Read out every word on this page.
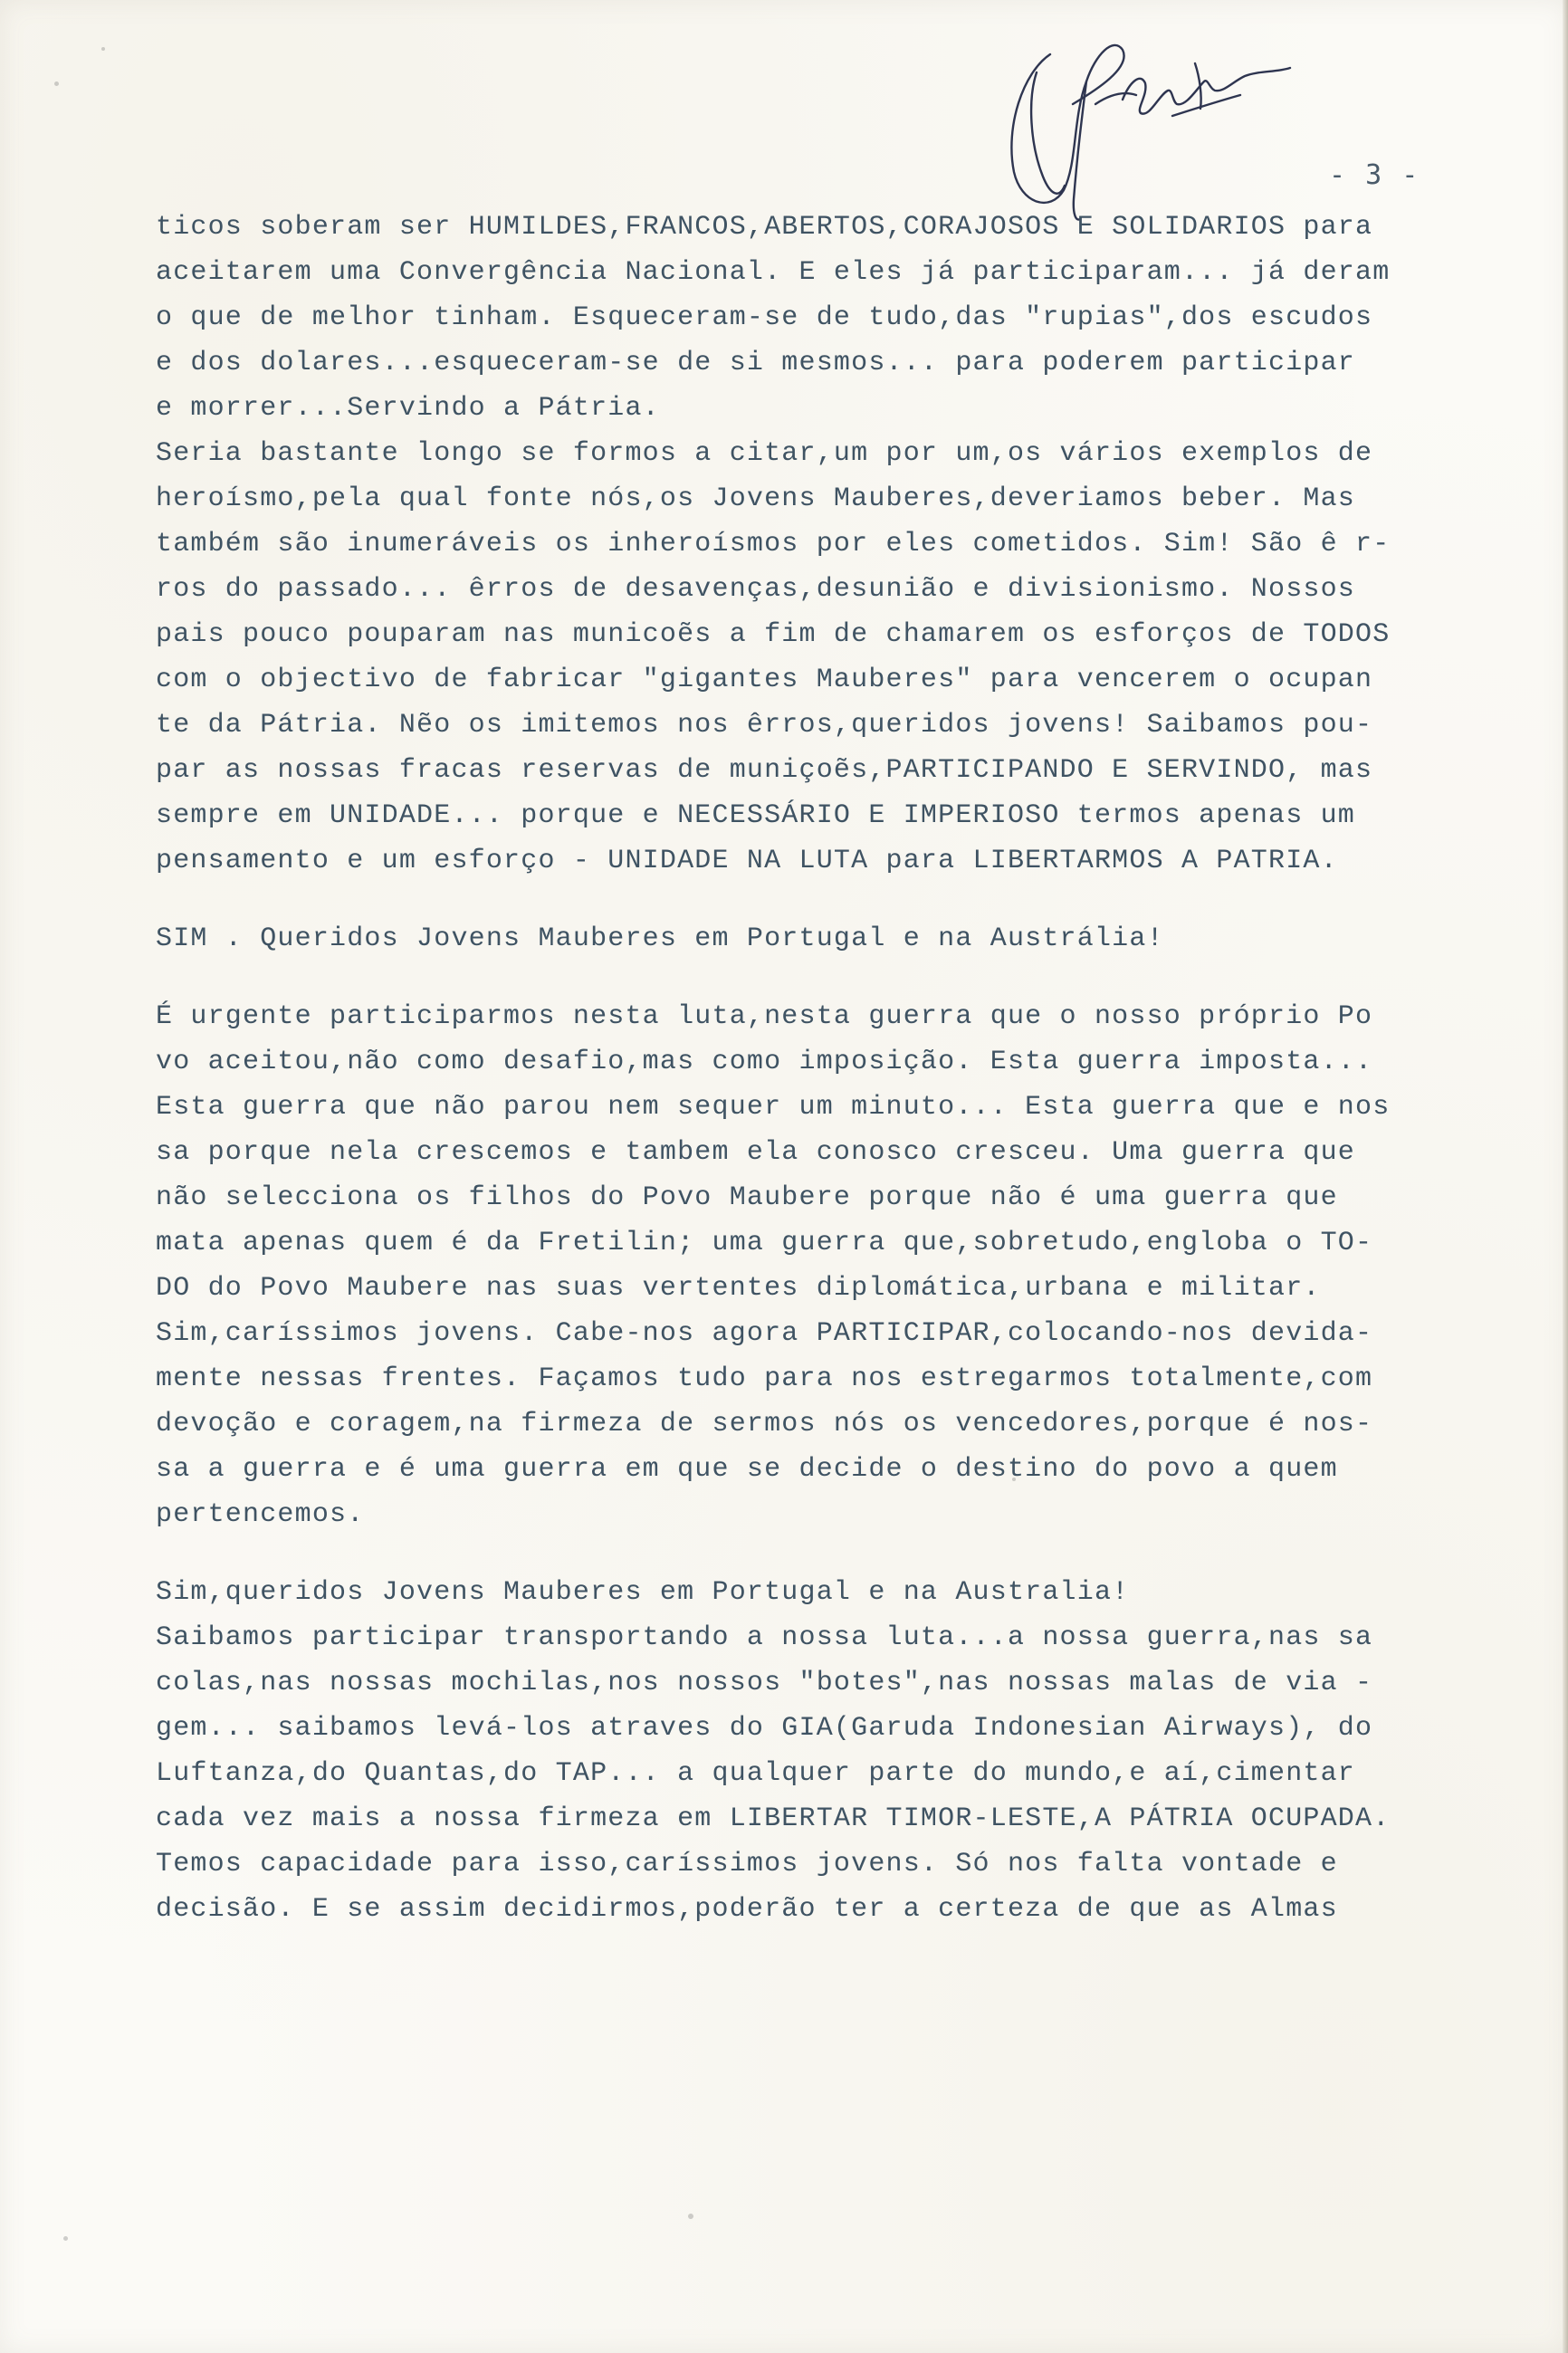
- 3 -
ticos soberam ser HUMILDES,FRANCOS,ABERTOS,CORAJOSOS E SOLIDARIOS para
aceitarem uma Convergência Nacional. E eles já participaram... já deram
o que de melhor tinham. Esqueceram-se de tudo,das "rupias",dos escudos
e dos dolares...esqueceram-se de si mesmos... para poderem participar
e morrer...Servindo a Pátria.
Seria bastante longo se formos a citar,um por um,os vários exemplos de
heroísmo,pela qual fonte nós,os Jovens Mauberes,deveriamos beber. Mas
também são inumeráveis os inheroísmos por eles cometidos. Sim! São ê r-
ros do passado... êrros de desavenças,desunião e divisionismo. Nossos
pais pouco pouparam nas municoẽs a fim de chamarem os esforços de TODOS
com o objectivo de fabricar "gigantes Mauberes" para vencerem o ocupan
te da Pátria. Nẽo os imitemos nos êrros,queridos jovens! Saibamos pou-
par as nossas fracas reservas de muniçoẽs,PARTICIPANDO E SERVINDO, mas
sempre em UNIDADE... porque e NECESSÁRIO E IMPERIOSO termos apenas um
pensamento e um esforço - UNIDADE NA LUTA para LIBERTARMOS A PATRIA.
SIM . Queridos Jovens Mauberes em Portugal e na Austrália!
É urgente participarmos nesta luta,nesta guerra que o nosso próprio Po
vo aceitou,não como desafio,mas como imposição. Esta guerra imposta...
Esta guerra que não parou nem sequer um minuto... Esta guerra que e nos
sa porque nela crescemos e tambem ela conosco cresceu. Uma guerra que
não selecciona os filhos do Povo Maubere porque não é uma guerra que
mata apenas quem é da Fretilin; uma guerra que,sobretudo,engloba o TO-
DO do Povo Maubere nas suas vertentes diplomática,urbana e militar.
Sim,caríssimos jovens. Cabe-nos agora PARTICIPAR,colocando-nos devida-
mente nessas frentes. Façamos tudo para nos estregarmos totalmente,com
devoção e coragem,na firmeza de sermos nós os vencedores,porque é nos-
sa a guerra e é uma guerra em que se decide o destino do povo a quem
pertencemos.
Sim,queridos Jovens Mauberes em Portugal e na Australia!
Saibamos participar transportando a nossa luta...a nossa guerra,nas sa
colas,nas nossas mochilas,nos nossos "botes",nas nossas malas de via -
gem... saibamos levá-los atraves do GIA(Garuda Indonesian Airways), do
Luftanza,do Quantas,do TAP... a qualquer parte do mundo,e aí,cimentar
cada vez mais a nossa firmeza em LIBERTAR TIMOR-LESTE,A PÁTRIA OCUPADA.
Temos capacidade para isso,caríssimos jovens. Só nos falta vontade e
decisão. E se assim decidirmos,poderão ter a certeza de que as Almas
